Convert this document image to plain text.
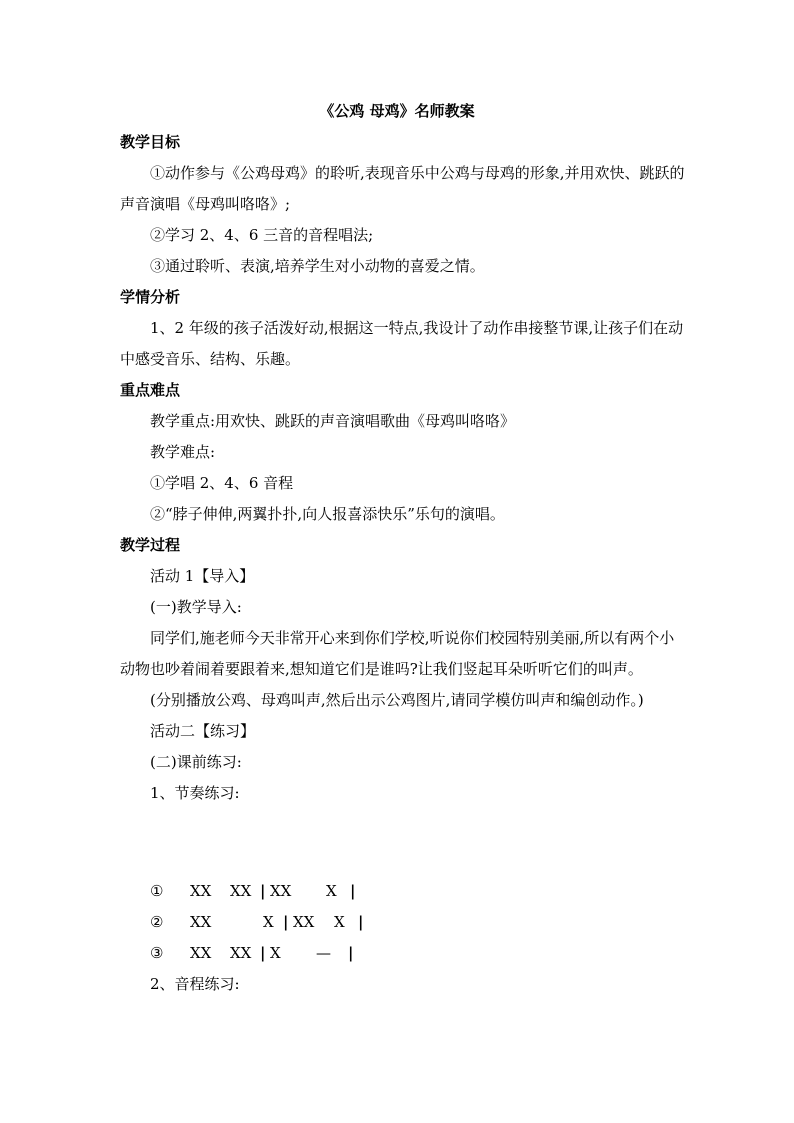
《公鸡 母鸡》名师教案
教学目标

①动作参与《公鸡母鸡》的聆听,表现音乐中公鸡与母鸡的形象,并用欢快、跳跃的声音演唱《母鸡叫咯咯》;

②学习 2、4、6 三音的音程唱法;

③通过聆听、表演,培养学生对小动物的喜爱之情。

学情分析

1、2 年级的孩子活泼好动,根据这一特点,我设计了动作串接整节课,让孩子们在动中感受音乐、结构、乐趣。

重点难点

教学重点:用欢快、跳跃的声音演唱歌曲《母鸡叫咯咯》

教学难点:

①学唱 2、4、6 音程

②“脖子伸伸,两翼扑扑,向人报喜添快乐”乐句的演唱。

教学过程

活动 1【导入】

(一)教学导入:

同学们,施老师今天非常开心来到你们学校,听说你们校园特别美丽,所以有两个小动物也吵着闹着要跟着来,想知道它们是谁吗?让我们竖起耳朵听听它们的叫声。

(分别播放公鸡、母鸡叫声,然后出示公鸡图片,请同学模仿叫声和编创动作。)

活动二【练习】

(二)课前练习:

1、节奏练习:

① XX XX | XX X |
② XX	X | XX X |
③ XX XX | X — |

2、音程练习:
